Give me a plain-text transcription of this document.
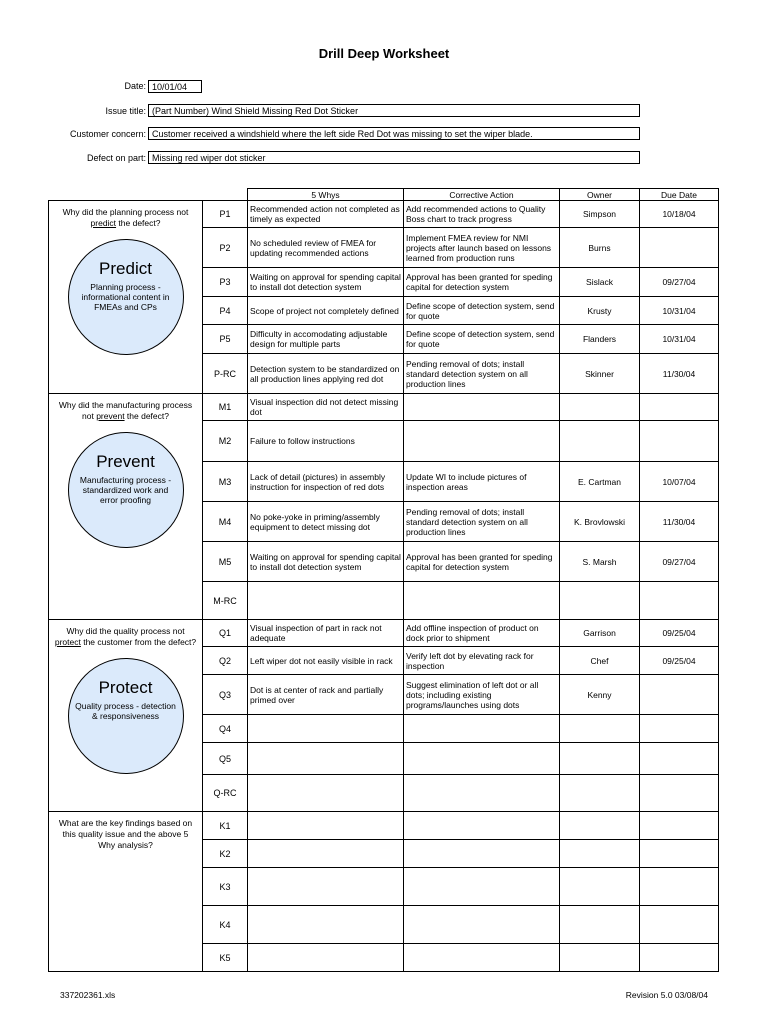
Drill Deep Worksheet
Date: 10/01/04
Issue title: (Part Number) Wind Shield Missing Red Dot Sticker
Customer concern: Customer received a windshield where the left side Red Dot was missing to set the wiper blade.
Defect on part: Missing red wiper dot sticker
		5 Whys	Corrective Action	Owner	Due Date

Why did the planning process not
predict the defect?
Predict
Planning process - informational content in FMEAs and CPs	P1	Recommended action not completed as timely as expected	Add recommended actions to Quality Boss chart to track progress	Simpson	10/18/04
	P2	No scheduled review of FMEA for updating recommended actions	Implement FMEA review for NMI projects after launch based on lessons learned from production runs	Burns	
	P3	Waiting on approval for spending capital to install dot detection system	Approval has been granted for speding capital for detection system	Sislack	09/27/04
	P4	Scope of project not completely defined	Define scope of detection system, send for quote	Krusty	10/31/04
	P5	Difficulty in accomodating adjustable design for multiple parts	Define scope of detection system, send for quote	Flanders	10/31/04
	P-RC	Detection system to be standardized on all production lines applying red dot	Pending removal of dots; install standard detection system on all production lines	Skinner	11/30/04

Why did the manufacturing process not prevent the defect?
Prevent
Manufacturing process - standardized work and error proofing	M1	Visual inspection did not detect missing dot			
	M2	Failure to follow instructions			
	M3	Lack of detail (pictures) in assembly instruction for inspection of red dots	Update WI to include pictures of inspection areas	E. Cartman	10/07/04
	M4	No poke-yoke in priming/assembly equipment to detect missing dot	Pending removal of dots; install standard detection system on all production lines	K. Brovlowski	11/30/04
	M5	Waiting on approval for spending capital to install dot detection system	Approval has been granted for speding capital for detection system	S. Marsh	09/27/04
	M-RC				

Why did the quality process not protect the customer from the defect?
Protect
Quality process - detection & responsiveness	Q1	Visual inspection of part in rack not adequate	Add offline inspection of product on dock prior to shipment	Garrison	09/25/04
	Q2	Left wiper dot not easily visible in rack	Verify left dot by elevating rack for inspection	Chef	09/25/04
	Q3	Dot is at center of rack and partially primed over	Suggest elimination of left dot or all dots; including existing programs/launches using dots	Kenny	
	Q4				
	Q5				
	Q-RC				

What are the key findings based on this quality issue and the above 5 Why analysis?	K1				
	K2				
	K3				
	K4				
	K5				
337202361.xls	Revision 5.0 03/08/04
